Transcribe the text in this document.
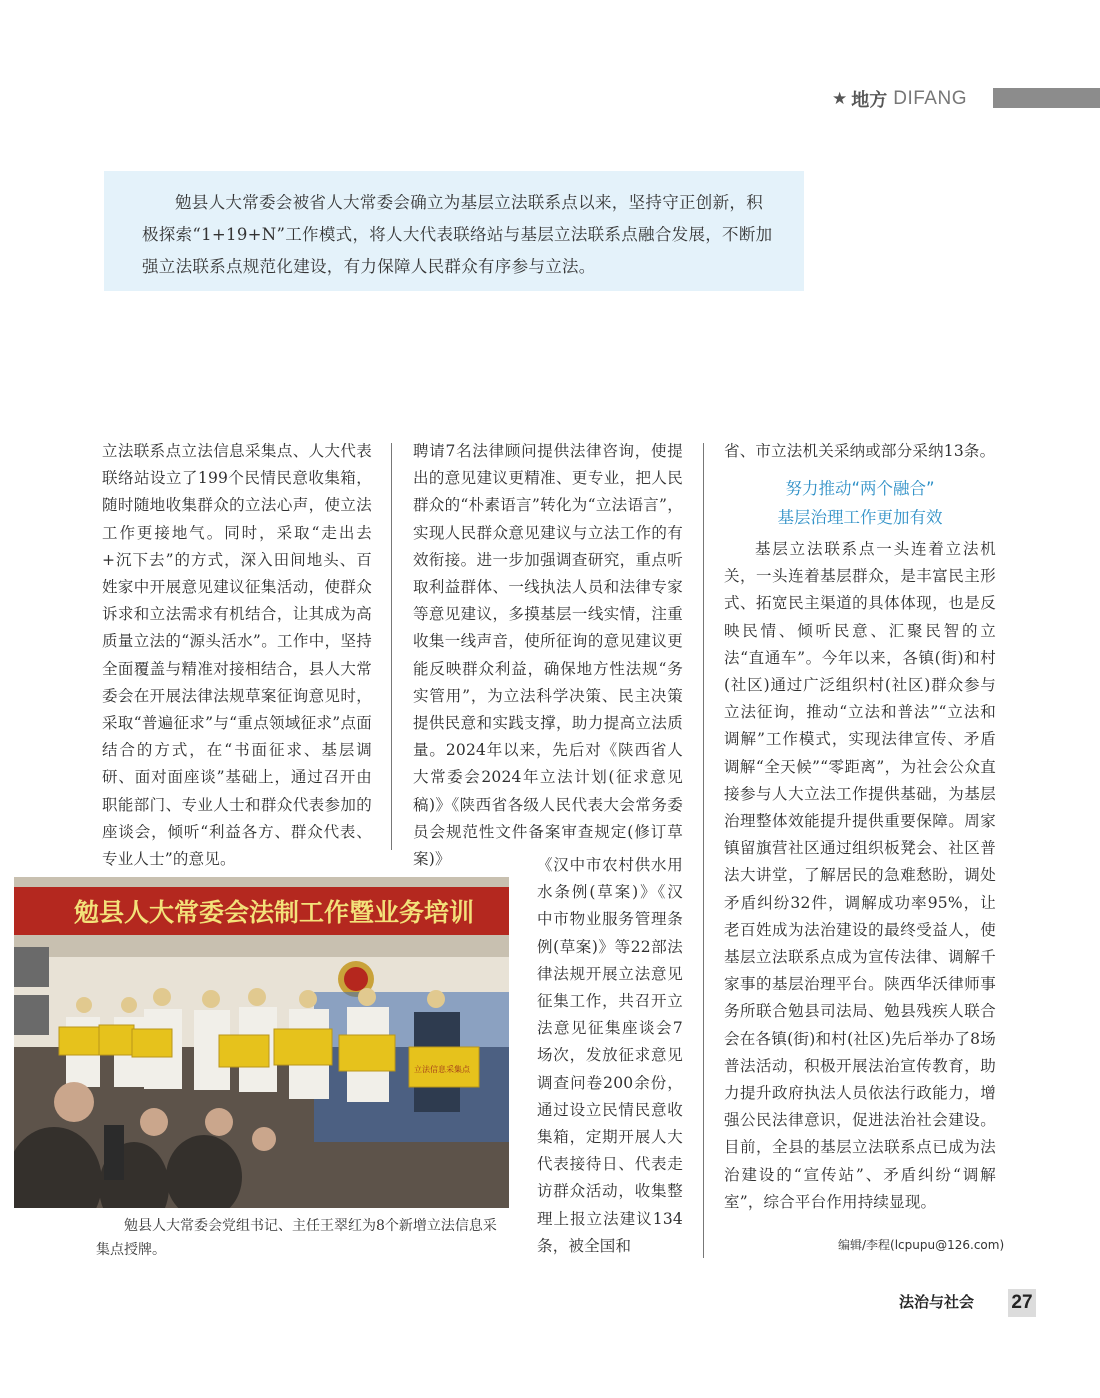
★ 地方 DIFANG

勉县人大常委会被省人大常委会确立为基层立法联系点以来，坚持守正创新，积极探索“1+19+N”工作模式，将人大代表联络站与基层立法联系点融合发展，不断加强立法联系点规范化建设，有力保障人民群众有序参与立法。

立法联系点立法信息采集点、人大代表联络站设立了199个民情民意收集箱，随时随地收集群众的立法心声，使立法工作更接地气。同时，采取“走出去+沉下去”的方式，深入田间地头、百姓家中开展意见建议征集活动，使群众诉求和立法需求有机结合，让其成为高质量立法的“源头活水”。工作中，坚持全面覆盖与精准对接相结合，县人大常委会在开展法律法规草案征询意见时，采取“普遍征求”与“重点领域征求”点面结合的方式，在“书面征求、基层调研、面对面座谈”基础上，通过召开由职能部门、专业人士和群众代表参加的座谈会，倾听“利益各方、群众代表、专业人士”的意见。

聘请7名法律顾问提供法律咨询，使提出的意见建议更精准、更专业，把人民群众的“朴素语言”转化为“立法语言”，实现人民群众意见建议与立法工作的有效衔接。进一步加强调查研究，重点听取利益群体、一线执法人员和法律专家等意见建议，多摸基层一线实情，注重收集一线声音，使所征询的意见建议更能反映群众利益，确保地方性法规“务实管用”，为立法科学决策、民主决策提供民意和实践支撑，助力提高立法质量。2024年以来，先后对《陕西省人大常委会2024年立法计划(征求意见稿)》《陕西省各级人民代表大会常务委员会规范性文件备案审查规定(修订草案)》

勉县人大常委会法制工作暨业务培训
立法信息采集点
勉县人大常委会党组书记、主任王翠红为8个新增立法信息采集点授牌。

《汉中市农村供水用水条例(草案)》《汉中市物业服务管理条例(草案)》等22部法律法规开展立法意见征集工作，共召开立法意见征集座谈会7场次，发放征求意见调查问卷200余份，通过设立民情民意收集箱，定期开展人大代表接待日、代表走访群众活动，收集整理上报立法建议134条，被全国和

省、市立法机关采纳或部分采纳13条。

努力推动“两个融合”
基层治理工作更加有效

基层立法联系点一头连着立法机关，一头连着基层群众，是丰富民主形式、拓宽民主渠道的具体体现，也是反映民情、倾听民意、汇聚民智的立法“直通车”。今年以来，各镇(街)和村(社区)通过广泛组织村(社区)群众参与立法征询，推动“立法和普法”“立法和调解”工作模式，实现法律宣传、矛盾调解“全天候”“零距离”，为社会公众直接参与人大立法工作提供基础，为基层治理整体效能提升提供重要保障。周家镇留旗营社区通过组织板凳会、社区普法大讲堂，了解居民的急难愁盼，调处矛盾纠纷32件，调解成功率95%，让老百姓成为法治建设的最终受益人，使基层立法联系点成为宣传法律、调解千家事的基层治理平台。陕西华沃律师事务所联合勉县司法局、勉县残疾人联合会在各镇(街)和村(社区)先后举办了8场普法活动，积极开展法治宣传教育，助力提升政府执法人员依法行政能力，增强公民法律意识，促进法治社会建设。目前，全县的基层立法联系点已成为法治建设的“宣传站”、矛盾纠纷“调解室”，综合平台作用持续显现。

编辑/李程(lcpupu@126.com)
法治与社会 27
